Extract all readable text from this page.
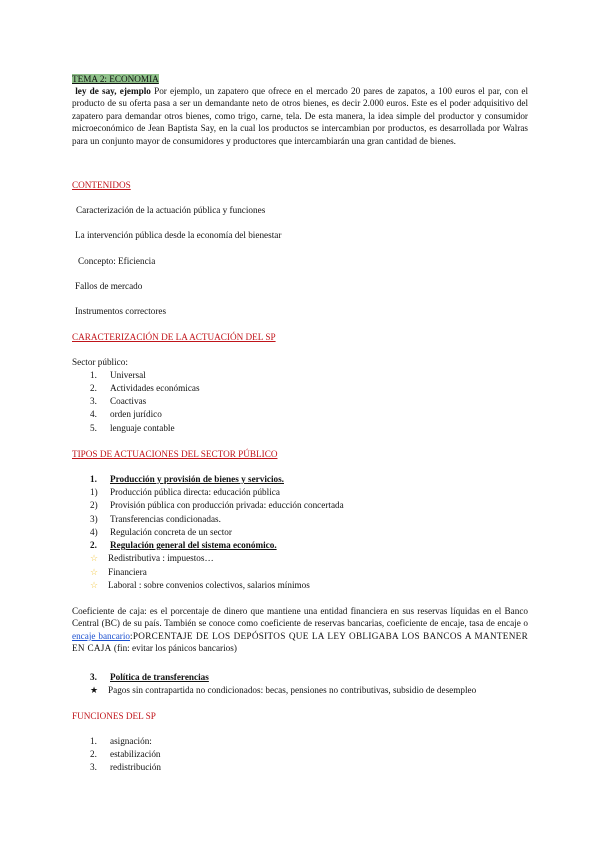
TEMA 2: ECONOMIA
ley de say, ejemplo Por ejemplo, un zapatero que ofrece en el mercado 20 pares de zapatos, a 100 euros el par, con el producto de su oferta pasa a ser un demandante neto de otros bienes, es decir 2.000 euros. Este es el poder adquisitivo del zapatero para demandar otros bienes, como trigo, carne, tela. De esta manera, la idea simple del productor y consumidor microeconómico de Jean Baptista Say, en la cual los productos se intercambian por productos, es desarrollada por Walras para un conjunto mayor de consumidores y productores que intercambiarán una gran cantidad de bienes.
CONTENIDOS
Caracterización de la actuación pública y funciones
La intervención pública desde la economía del bienestar
Concepto: Eficiencia
Fallos de mercado
Instrumentos correctores
CARACTERIZACIÓN DE LA ACTUACIÓN DEL SP
Sector público:
1. Universal
2. Actividades económicas
3. Coactivas
4. orden jurídico
5. lenguaje contable
TIPOS DE ACTUACIONES DEL SECTOR PÚBLICO
1. Producción y provisión de bienes y servicios.
1) Producción pública directa: educación pública
2) Provisión pública con producción privada: educción concertada
3) Transferencias condicionadas.
4) Regulación concreta de un sector
2. Regulación general del sistema económico.
☆ Redistributiva : impuestos…
☆ Financiera
☆ Laboral : sobre convenios colectivos, salarios mínimos
Coeficiente de caja: es el porcentaje de dinero que mantiene una entidad financiera en sus reservas líquidas en el Banco Central (BC) de su país. También se conoce como coeficiente de reservas bancarias, coeficiente de encaje, tasa de encaje o encaje bancario:PORCENTAJE DE LOS DEPÓSITOS QUE LA LEY OBLIGABA LOS BANCOS A MANTENER EN CAJA (fin: evitar los pánicos bancarios)
3. Política de transferencias
★ Pagos sin contrapartida no condicionados: becas, pensiones no contributivas, subsidio de desempleo
FUNCIONES DEL SP
1. asignación:
2. estabilización
3. redistribución
